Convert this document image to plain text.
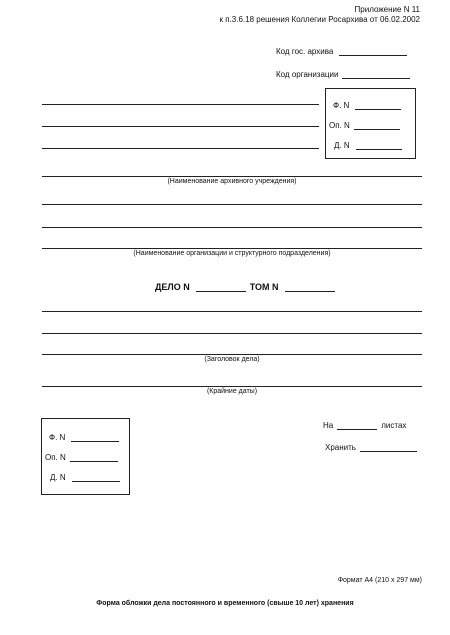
Приложение N 11
к п.3.6.18 решения Коллегии Росархива от 06.02.2002
Код гос. архива
Код организации
Ф. N
Оп. N
Д. N
(Наименование архивного учреждения)
(Наименование организации и структурного подразделения)
ДЕЛО N	ТОМ N
(Заголовок дела)
(Крайние даты)
Ф. N
Оп. N
Д. N
На	листах
Хранить
Формат А4 (210 x 297 мм)
Форма обложки дела постоянного и временного (свыше 10 лет) хранения
